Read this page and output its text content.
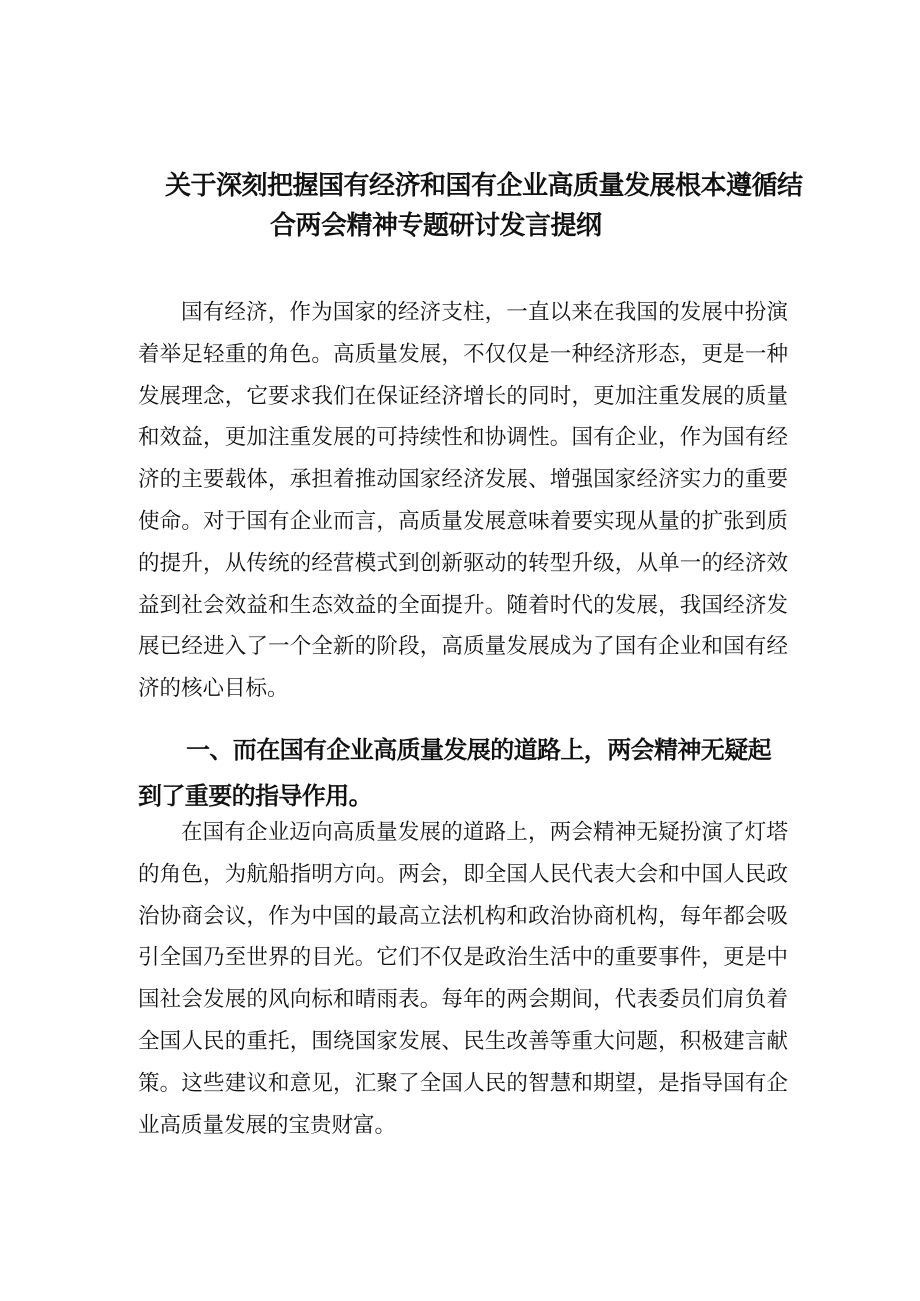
关于深刻把握国有经济和国有企业高质量发展根本遵循结
合两会精神专题研讨发言提纲

国有经济，作为国家的经济支柱，一直以来在我国的发展中扮演着举足轻重的角色。高质量发展，不仅仅是一种经济形态，更是一种发展理念，它要求我们在保证经济增长的同时，更加注重发展的质量和效益，更加注重发展的可持续性和协调性。国有企业，作为国有经济的主要载体，承担着推动国家经济发展、增强国家经济实力的重要使命。对于国有企业而言，高质量发展意味着要实现从量的扩张到质的提升，从传统的经营模式到创新驱动的转型升级，从单一的经济效益到社会效益和生态效益的全面提升。随着时代的发展，我国经济发展已经进入了一个全新的阶段，高质量发展成为了国有企业和国有经济的核心目标。

一、而在国有企业高质量发展的道路上，两会精神无疑起到了重要的指导作用。

在国有企业迈向高质量发展的道路上，两会精神无疑扮演了灯塔的角色，为航船指明方向。两会，即全国人民代表大会和中国人民政治协商会议，作为中国的最高立法机构和政治协商机构，每年都会吸引全国乃至世界的目光。它们不仅是政治生活中的重要事件，更是中国社会发展的风向标和晴雨表。每年的两会期间，代表委员们肩负着全国人民的重托，围绕国家发展、民生改善等重大问题，积极建言献策。这些建议和意见，汇聚了全国人民的智慧和期望，是指导国有企业高质量发展的宝贵财富。
